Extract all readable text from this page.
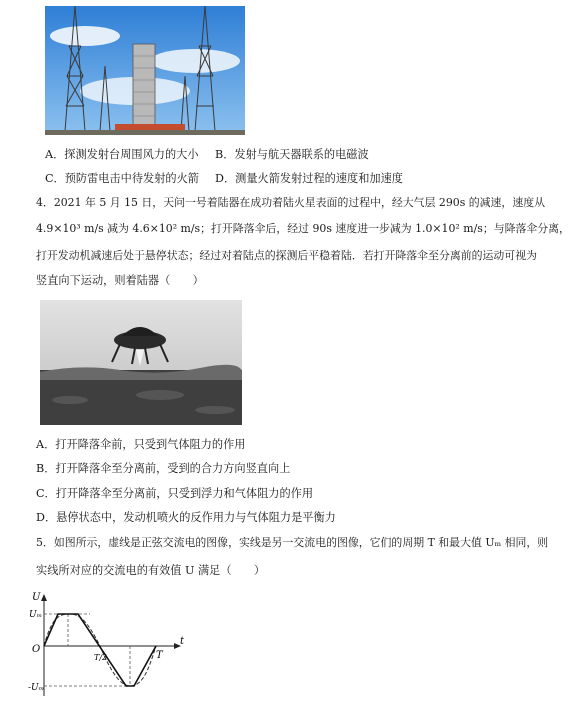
A．探测发射台周围风力的大小 B．发射与航天器联系的电磁波
C．预防雷电击中待发射的火箭 D．测量火箭发射过程的速度和加速度
4．2021 年 5 月 15 日，天问一号着陆器在成功着陆火星表面的过程中，经大气层 290s 的减速，速度从
4.9×10³ m/s 减为 4.6×10² m/s；打开降落伞后，经过 90s 速度进一步减为 1.0×10² m/s；与降落伞分离，
打开发动机减速后处于悬停状态；经过对着陆点的探测后平稳着陆．若打开降落伞至分离前的运动可视为
竖直向下运动，则着陆器（　　）
A．打开降落伞前，只受到气体阻力的作用
B．打开降落伞至分离前，受到的合力方向竖直向上
C．打开降落伞至分离前，只受到浮力和气体阻力的作用
D．悬停状态中，发动机喷火的反作用力与气体阻力是平衡力
5．如图所示，虚线是正弦交流电的图像，实线是另一交流电的图像，它们的周期 T 和最大值 Uₘ 相同，则
实线所对应的交流电的有效值 U 满足（　　）
U
Uₘ
O
t
T/2
-Uₘ
T
